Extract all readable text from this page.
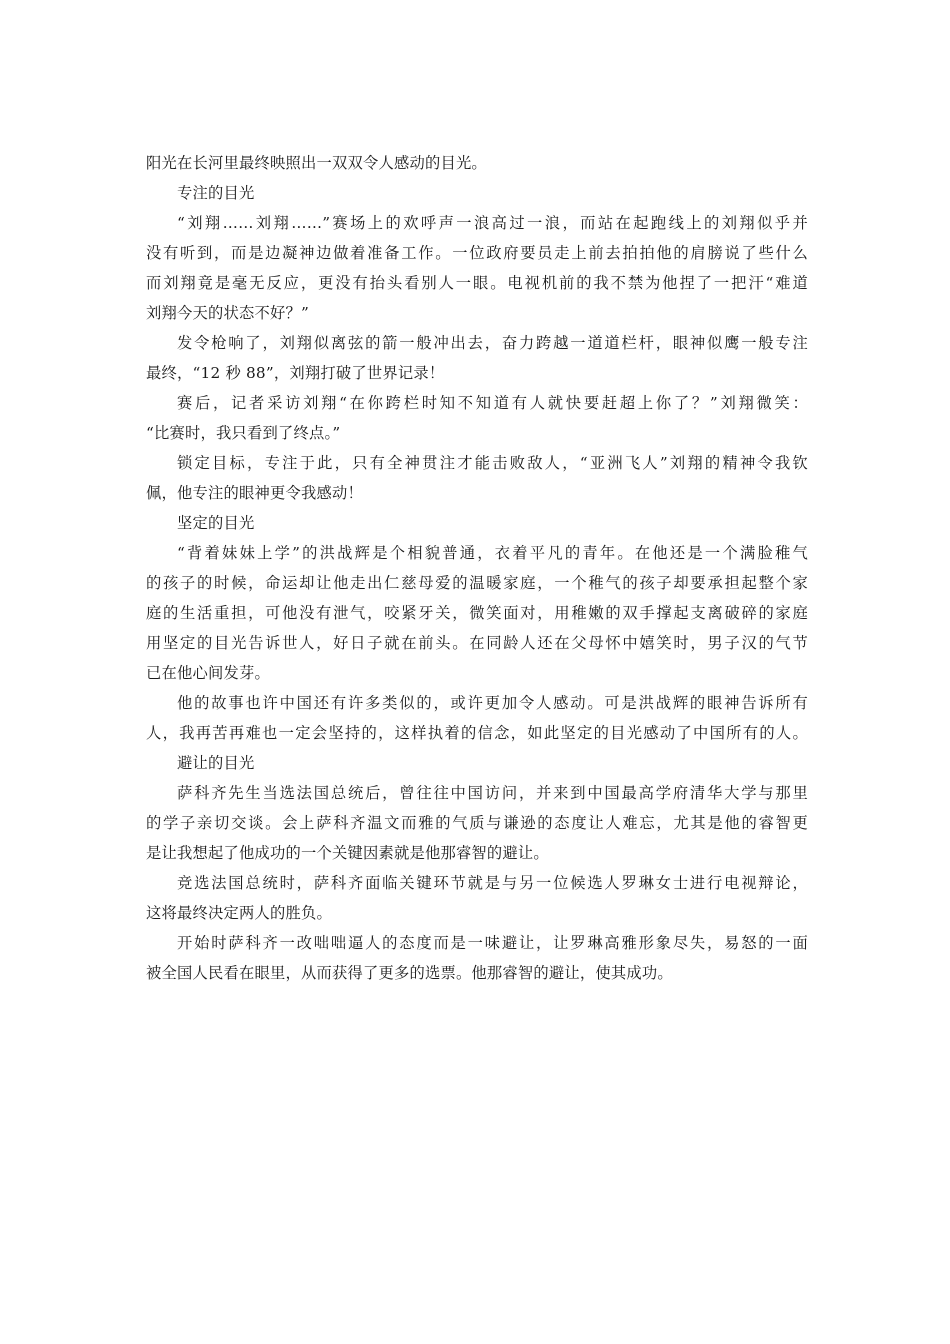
阳光在长河里最终映照出一双双令人感动的目光。
专注的目光
“刘翔……刘翔……”赛场上的欢呼声一浪高过一浪，而站在起跑线上的刘翔似乎并
没有听到，而是边凝神边做着准备工作。一位政府要员走上前去拍拍他的肩膀说了些什么
而刘翔竟是毫无反应，更没有抬头看别人一眼。电视机前的我不禁为他捏了一把汗“难道
刘翔今天的状态不好？”
发令枪响了，刘翔似离弦的箭一般冲出去，奋力跨越一道道栏杆，眼神似鹰一般专注
最终，“12 秒 88”，刘翔打破了世界记录！
赛后，记者采访刘翔“在你跨栏时知不知道有人就快要赶超上你了？”刘翔微笑：
“比赛时，我只看到了终点。”
锁定目标，专注于此，只有全神贯注才能击败敌人，“亚洲飞人”刘翔的精神令我钦
佩，他专注的眼神更令我感动！
坚定的目光
“背着妹妹上学”的洪战辉是个相貌普通，衣着平凡的青年。在他还是一个满脸稚气
的孩子的时候，命运却让他走出仁慈母爱的温暖家庭，一个稚气的孩子却要承担起整个家
庭的生活重担，可他没有泄气，咬紧牙关，微笑面对，用稚嫩的双手撑起支离破碎的家庭
用坚定的目光告诉世人，好日子就在前头。在同龄人还在父母怀中嬉笑时，男子汉的气节
已在他心间发芽。
他的故事也许中国还有许多类似的，或许更加令人感动。可是洪战辉的眼神告诉所有
人，我再苦再难也一定会坚持的，这样执着的信念，如此坚定的目光感动了中国所有的人。
避让的目光
萨科齐先生当选法国总统后，曾往往中国访问，并来到中国最高学府清华大学与那里
的学子亲切交谈。会上萨科齐温文而雅的气质与谦逊的态度让人难忘，尤其是他的睿智更
是让我想起了他成功的一个关键因素就是他那睿智的避让。
竞选法国总统时，萨科齐面临关键环节就是与另一位候选人罗琳女士进行电视辩论，
这将最终决定两人的胜负。
开始时萨科齐一改咄咄逼人的态度而是一味避让，让罗琳高雅形象尽失，易怒的一面
被全国人民看在眼里，从而获得了更多的选票。他那睿智的避让，使其成功。
